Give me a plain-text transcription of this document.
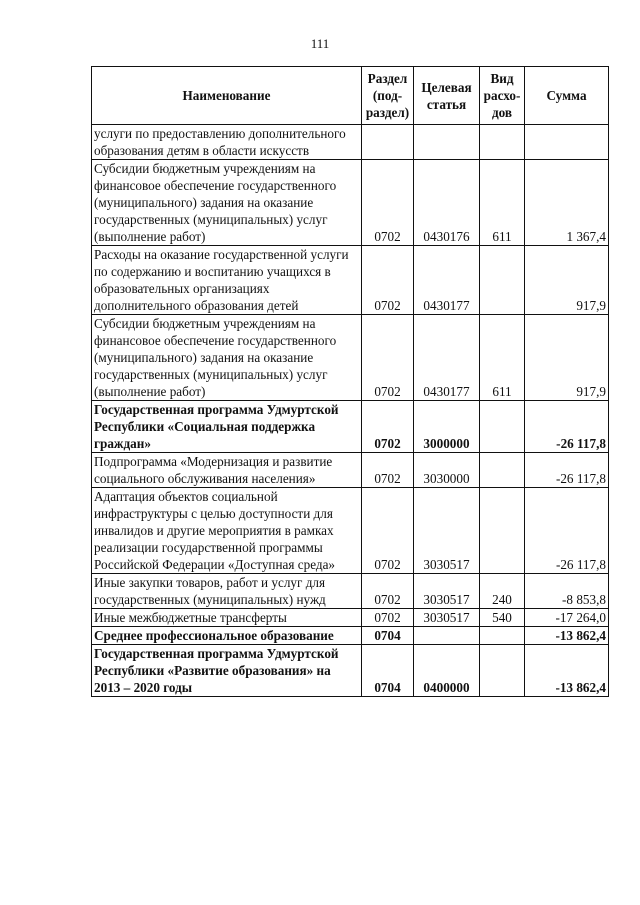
111
Наименование	Раздел (под-раздел)	Целевая статья	Вид расхо-дов	Сумма
услуги по предоставлению дополнительного образования детям в области искусств				
Субсидии бюджетным учреждениям на финансовое обеспечение государственного (муниципального) задания на оказание государственных (муниципальных) услуг (выполнение работ)	0702	0430176	611	1 367,4
Расходы на оказание государственной услуги по содержанию и воспитанию учащихся в образовательных организациях дополнительного образования детей	0702	0430177		917,9
Субсидии бюджетным учреждениям на финансовое обеспечение государственного (муниципального) задания на оказание государственных (муниципальных) услуг (выполнение работ)	0702	0430177	611	917,9
Государственная программа Удмуртской Республики «Социальная поддержка граждан»	0702	3000000		-26 117,8
Подпрограмма «Модернизация и развитие социального обслуживания населения»	0702	3030000		-26 117,8
Адаптация объектов социальной инфраструктуры с целью доступности для инвалидов и другие мероприятия в рамках реализации государственной программы Российской Федерации «Доступная среда»	0702	3030517		-26 117,8
Иные закупки товаров, работ и услуг для государственных (муниципальных) нужд	0702	3030517	240	-8 853,8
Иные межбюджетные трансферты	0702	3030517	540	-17 264,0
Среднее профессиональное образование	0704			-13 862,4
Государственная программа Удмуртской Республики «Развитие образования» на 2013 – 2020 годы	0704	0400000		-13 862,4
